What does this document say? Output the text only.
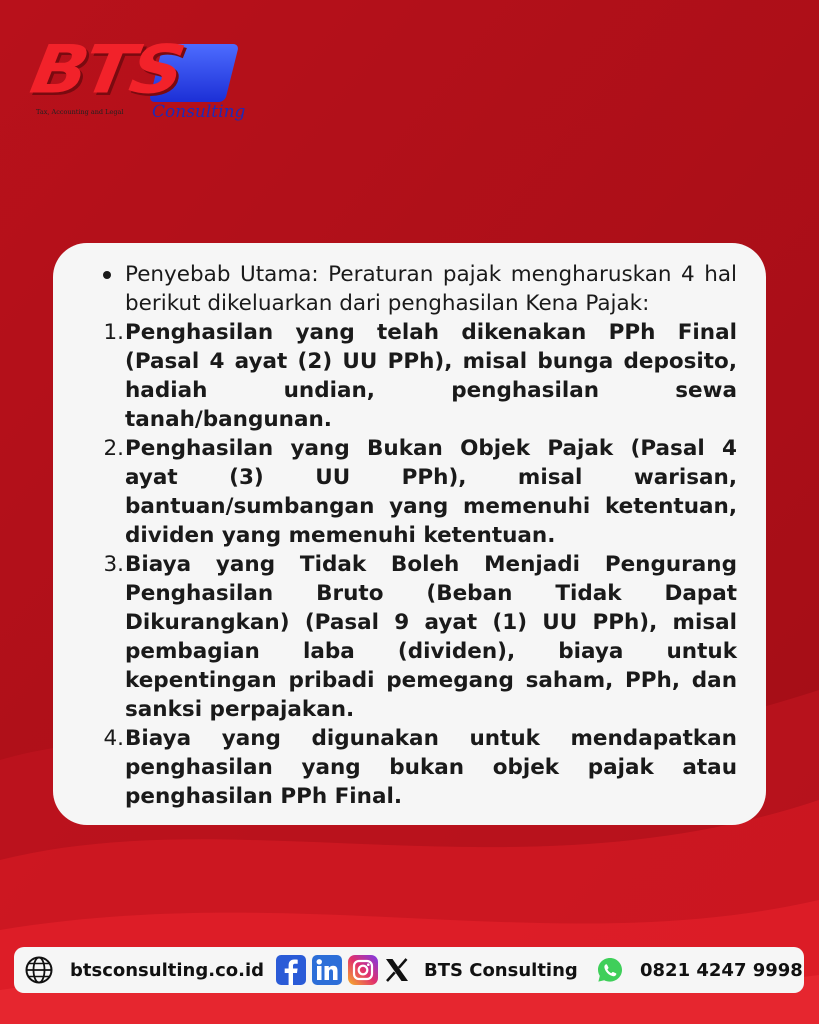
BTS
Tax, Accounting and Legal	Consulting
Penyebab Utama: Peraturan pajak mengharuskan 4 hal berikut dikeluarkan dari penghasilan Kena Pajak:
1. Penghasilan yang telah dikenakan PPh Final (Pasal 4 ayat (2) UU PPh), misal bunga deposito, hadiah undian, penghasilan sewa tanah/bangunan.
2. Penghasilan yang Bukan Objek Pajak (Pasal 4 ayat (3) UU PPh), misal warisan, bantuan/sumbangan yang memenuhi ketentuan, dividen yang memenuhi ketentuan.
3. Biaya yang Tidak Boleh Menjadi Pengurang Penghasilan Bruto (Beban Tidak Dapat Dikurangkan) (Pasal 9 ayat (1) UU PPh), misal pembagian laba (dividen), biaya untuk kepentingan pribadi pemegang saham, PPh, dan sanksi perpajakan.
4. Biaya yang digunakan untuk mendapatkan penghasilan yang bukan objek pajak atau penghasilan PPh Final.
btsconsulting.co.id	BTS Consulting	0821 4247 9998
